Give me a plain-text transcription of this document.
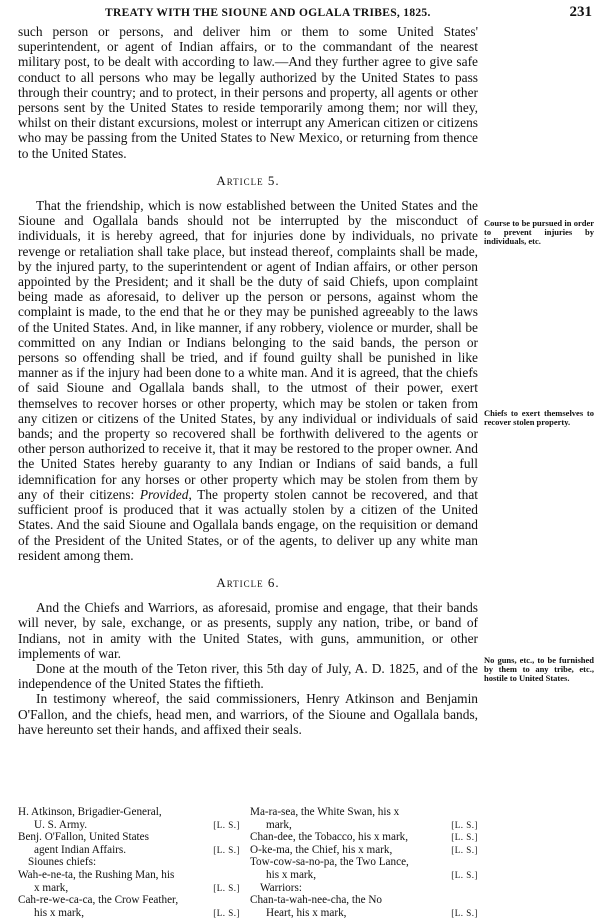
TREATY WITH THE SIOUNE AND OGLALA TRIBES, 1825.	231

such person or persons, and deliver him or them to some United States' superintendent, or agent of Indian affairs, or to the commandant of the nearest military post, to be dealt with according to law.—And they further agree to give safe conduct to all persons who may be legally authorized by the United States to pass through their country; and to protect, in their persons and property, all agents or other persons sent by the United States to reside temporarily among them; nor will they, whilst on their distant excursions, molest or interrupt any American citizen or citizens who may be passing from the United States to New Mexico, or returning from thence to the United States.

Article 5.

That the friendship, which is now established between the United States and the Sioune and Ogallala bands should not be interrupted by the misconduct of individuals, it is hereby agreed, that for injuries done by individuals, no private revenge or retaliation shall take place, but instead thereof, complaints shall be made, by the injured party, to the superintendent or agent of Indian affairs, or other person appointed by the President; and it shall be the duty of said Chiefs, upon complaint being made as aforesaid, to deliver up the person or persons, against whom the complaint is made, to the end that he or they may be punished agreeably to the laws of the United States. And, in like manner, if any robbery, violence or murder, shall be committed on any Indian or Indians belonging to the said bands, the person or persons so offending shall be tried, and if found guilty shall be punished in like manner as if the injury had been done to a white man. And it is agreed, that the chiefs of said Sioune and Ogallala bands shall, to the utmost of their power, exert themselves to recover horses or other property, which may be stolen or taken from any citizen or citizens of the United States, by any individual or individuals of said bands; and the property so recovered shall be forthwith delivered to the agents or other person authorized to receive it, that it may be restored to the proper owner. And the United States hereby guaranty to any Indian or Indians of said bands, a full idemnification for any horses or other property which may be stolen from them by any of their citizens: Provided, The property stolen cannot be recovered, and that sufficient proof is produced that it was actually stolen by a citizen of the United States. And the said Sioune and Ogallala bands engage, on the requisition or demand of the President of the United States, or of the agents, to deliver up any white man resident among them.

Article 6.

And the Chiefs and Warriors, as aforesaid, promise and engage, that their bands will never, by sale, exchange, or as presents, supply any nation, tribe, or band of Indians, not in amity with the United States, with guns, ammunition, or other implements of war.

Done at the mouth of the Teton river, this 5th day of July, A. D. 1825, and of the independence of the United States the fiftieth.

In testimony whereof, the said commissioners, Henry Atkinson and Benjamin O'Fallon, and the chiefs, head men, and warriors, of the Sioune and Ogallala bands, have hereunto set their hands, and affixed their seals.

Course to be pursued in order to prevent injuries by individuals, etc.
Chiefs to exert themselves to recover stolen property.
No guns, etc., to be furnished by them to any tribe, etc., hostile to United States.
H. Atkinson, Brigadier-General,
U. S. Army.	[L. S.]
Benj. O'Fallon, United States
agent Indian Affairs.	[L. S.]
Siounes chiefs:
Wah-e-ne-ta, the Rushing Man, his
x mark,	[L. S.]
Cah-re-we-ca-ca, the Crow Feather,
his x mark,	[L. S.]
Ma-ra-sea, the White Swan, his x
mark,	[L. S.]
Chan-dee, the Tobacco, his x mark,	[L. S.]
O-ke-ma, the Chief, his x mark,	[L. S.]
Tow-cow-sa-no-pa, the Two Lance,
his x mark,	[L. S.]
Warriors:
Chan-ta-wah-nee-cha, the No
Heart, his x mark,	[L. S.]
